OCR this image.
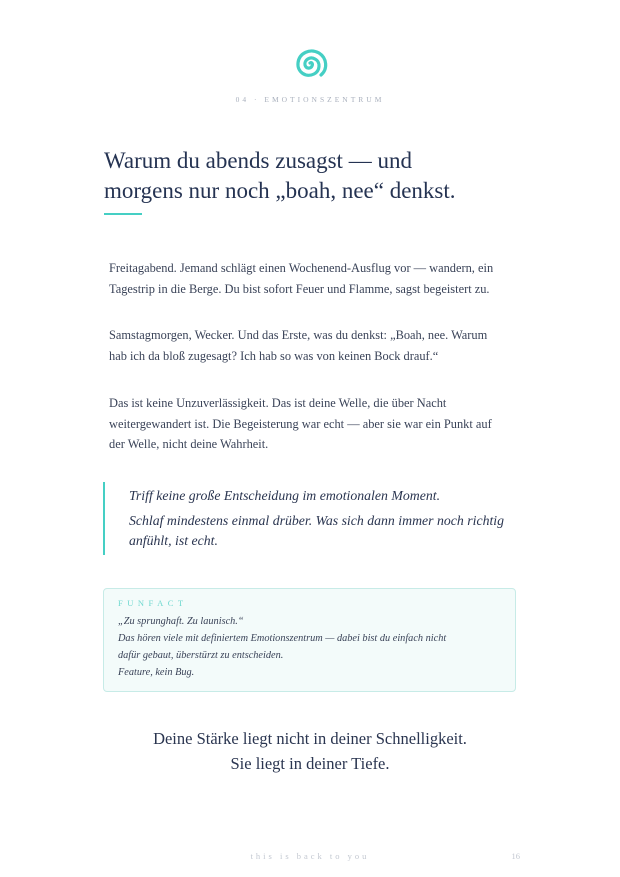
04 · EMOTIONSZENTRUM
Warum du abends zusagst — und
morgens nur noch „boah, nee“ denkst.

Freitagabend. Jemand schlägt einen Wochenend-Ausflug vor — wandern, ein
Tagestrip in die Berge. Du bist sofort Feuer und Flamme, sagst begeistert zu.

Samstagmorgen, Wecker. Und das Erste, was du denkst: „Boah, nee. Warum
hab ich da bloß zugesagt? Ich hab so was von keinen Bock drauf.“

Das ist keine Unzuverlässigkeit. Das ist deine Welle, die über Nacht
weitergewandert ist. Die Begeisterung war echt — aber sie war ein Punkt auf
der Welle, nicht deine Wahrheit.

Triff keine große Entscheidung im emotionalen Moment.
Schlaf mindestens einmal drüber. Was sich dann immer noch richtig
anfühlt, ist echt.
FUNFACT
„Zu sprunghaft. Zu launisch.“
Das hören viele mit definiertem Emotionszentrum — dabei bist du einfach nicht
dafür gebaut, überstürzt zu entscheiden.
Feature, kein Bug.
Deine Stärke liegt nicht in deiner Schnelligkeit.
Sie liegt in deiner Tiefe.
this is back to you	16
